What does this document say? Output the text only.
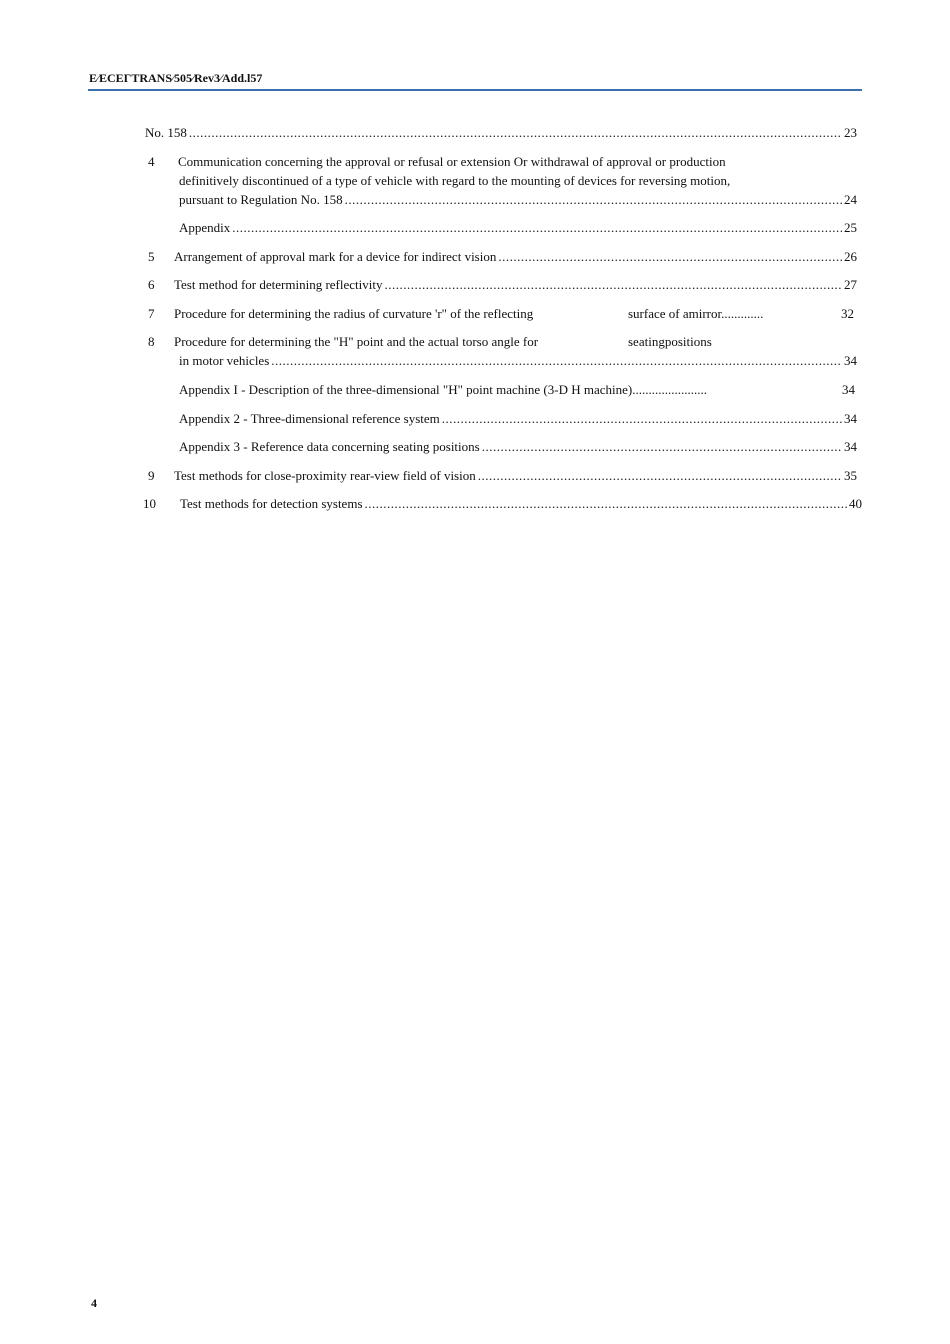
E⁄ECEΓTRANS⁄505⁄Rev3⁄Add.l57
No. 158 .....	23
4 Communication concerning the approval or refusal or extension Or withdrawal of approval or production
definitively discontinued of a type of vehicle with regard to the mounting of devices for reversing motion,
pursuant to Regulation No. 158 .....	24
Appendix .....	25
5 Arrangement of approval mark for a device for indirect vision .....	26
6 Test method for determining reflectivity .....	27
7 Procedure for determining the radius of curvature 'r" of the reflecting	surface of amirror.............	32
8 Procedure for determining the "H" point and the actual torso angle for	seatingpositions
in motor vehicles .....	34
Appendix I - Description of the three-dimensional "H" point machine (3-D H machine).......................	34
Appendix 2 - Three-dimensional reference system .....	34
Appendix 3 - Reference data concerning seating positions .....	34
9 Test methods for close-proximity rear-view field of vision .....	35
10 Test methods for detection systems .....	40
4
